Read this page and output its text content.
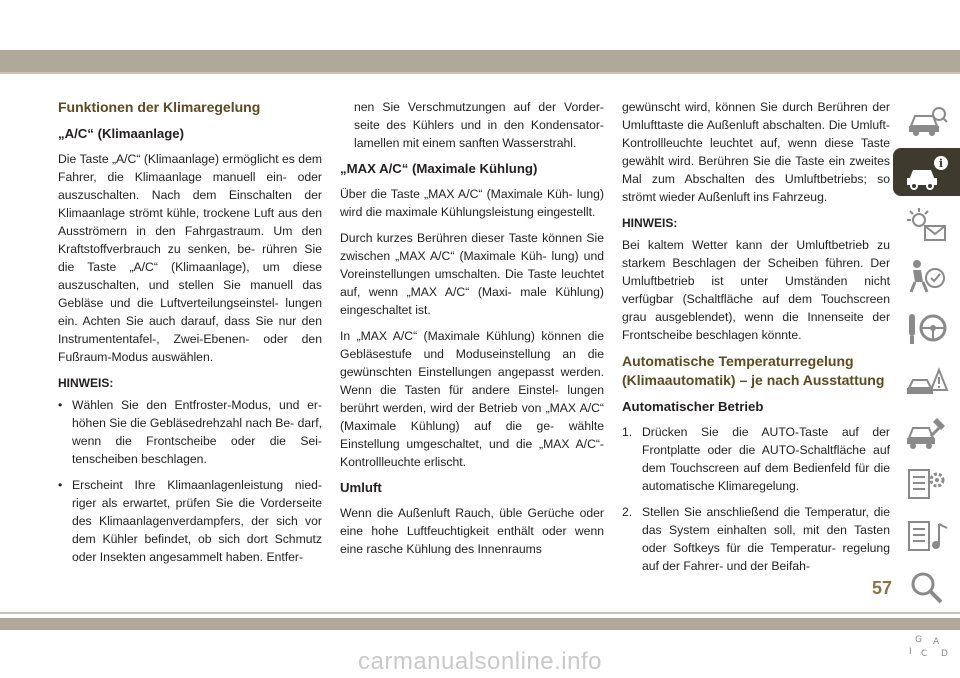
Funktionen der Klimaregelung
„A/C“ (Klimaanlage)

Die Taste „A/C“ (Klimaanlage) ermöglicht es dem Fahrer, die Klimaanlage manuell ein- oder auszuschalten. Nach dem Einschalten der Klimaanlage strömt kühle, trockene Luft aus den Ausströmern in den Fahrgastraum. Um den Kraftstoffverbrauch zu senken, be- rühren Sie die Taste „A/C“ (Klimaanlage), um diese auszuschalten, und stellen Sie manuell das Gebläse und die Luftverteilungseinstel- lungen ein. Achten Sie auch darauf, dass Sie nur den Instrumententafel-, Zwei-Ebenen- oder den Fußraum-Modus auswählen.

HINWEIS:
• Wählen Sie den Entfroster-Modus, und er- höhen Sie die Gebläsedrehzahl nach Be- darf, wenn die Frontscheibe oder die Sei- tenscheiben beschlagen.
• Erscheint Ihre Klimaanlagenleistung nied- riger als erwartet, prüfen Sie die Vorderseite des Klimaanlagenverdampfers, der sich vor dem Kühler befindet, ob sich dort Schmutz oder Insekten angesammelt haben. Entfer-

nen Sie Verschmutzungen auf der Vorder- seite des Kühlers und in den Kondensator- lamellen mit einem sanften Wasserstrahl.

„MAX A/C“ (Maximale Kühlung)

Über die Taste „MAX A/C“ (Maximale Küh- lung) wird die maximale Kühlungsleistung eingestellt.

Durch kurzes Berühren dieser Taste können Sie zwischen „MAX A/C“ (Maximale Küh- lung) und Voreinstellungen umschalten. Die Taste leuchtet auf, wenn „MAX A/C“ (Maxi- male Kühlung) eingeschaltet ist.

In „MAX A/C“ (Maximale Kühlung) können die Gebläsestufe und Moduseinstellung an die gewünschten Einstellungen angepasst werden. Wenn die Tasten für andere Einstel- lungen berührt werden, wird der Betrieb von „MAX A/C“ (Maximale Kühlung) auf die ge- wählte Einstellung umgeschaltet, und die „MAX A/C“-Kontrollleuchte erlischt.

Umluft

Wenn die Außenluft Rauch, üble Gerüche oder eine hohe Luftfeuchtigkeit enthält oder wenn eine rasche Kühlung des Innenraums

gewünscht wird, können Sie durch Berühren der Umlufttaste die Außenluft abschalten. Die Umluft-Kontrollleuchte leuchtet auf, wenn diese Taste gewählt wird. Berühren Sie die Taste ein zweites Mal zum Abschalten des Umluftbetriebs; so strömt wieder Außenluft ins Fahrzeug.

HINWEIS:

Bei kaltem Wetter kann der Umluftbetrieb zu starkem Beschlagen der Scheiben führen. Der Umluftbetrieb ist unter Umständen nicht verfügbar (Schaltfläche auf dem Touchscreen grau ausgeblendet), wenn die Innenseite der Frontscheibe beschlagen könnte.

Automatische Temperaturregelung (Klimaautomatik) – je nach Ausstattung
Automatischer Betrieb
1. Drücken Sie die AUTO-Taste auf der Frontplatte oder die AUTO-Schaltfläche auf dem Touchscreen auf dem Bedienfeld für die automatische Klimaregelung.
2. Stellen Sie anschließend die Temperatur, die das System einhalten soll, mit den Tasten oder Softkeys für die Temperatur- regelung auf der Fahrer- und der Beifah-
i
G A
I C D
57
carmanualsonline.info
